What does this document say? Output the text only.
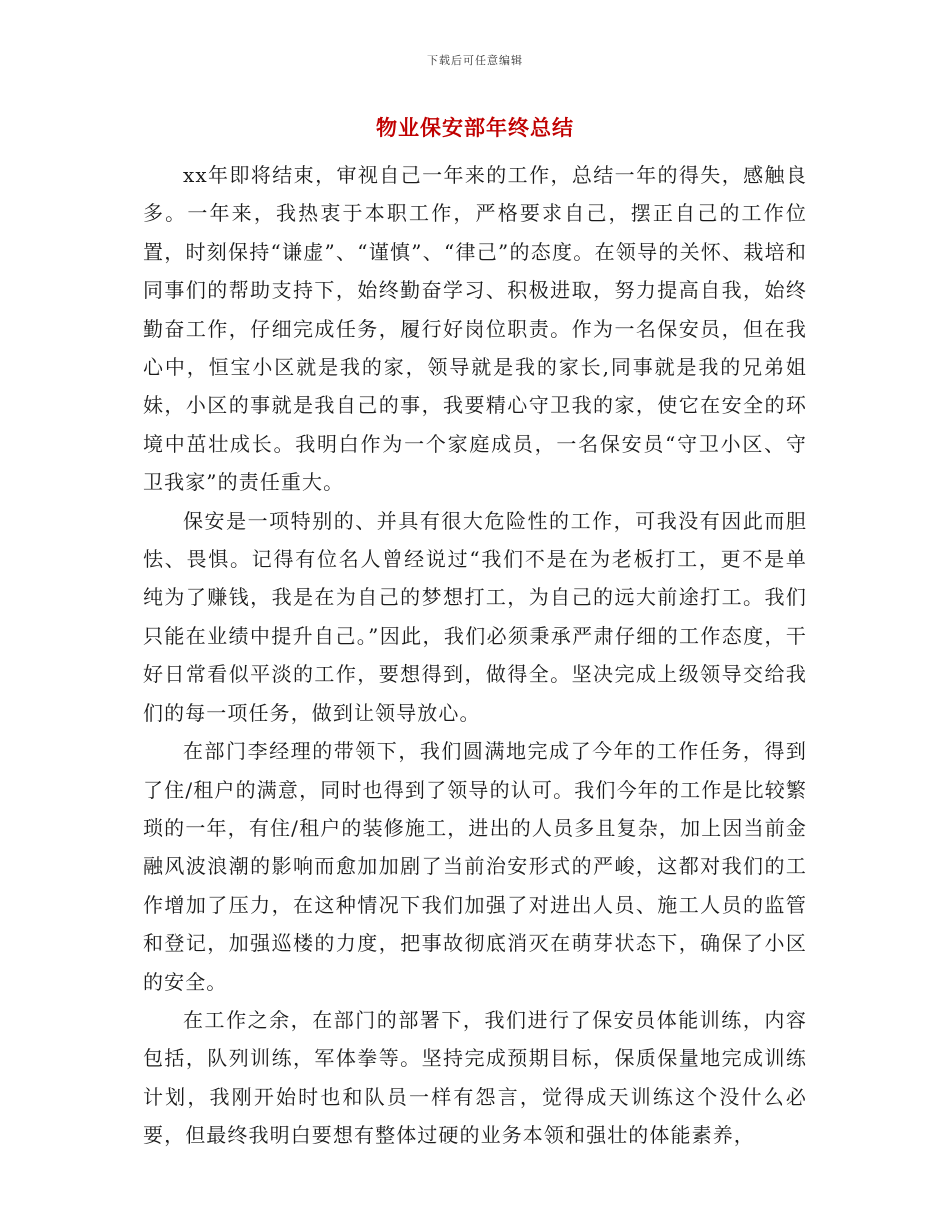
下载后可任意编辑
物业保安部年终总结

xx年即将结束，审视自己一年来的工作，总结一年的得失，感触良多。一年来，我热衷于本职工作，严格要求自己，摆正自己的工作位置，时刻保持“谦虚”、“谨慎”、“律己”的态度。在领导的关怀、栽培和同事们的帮助支持下，始终勤奋学习、积极进取，努力提高自我，始终勤奋工作，仔细完成任务，履行好岗位职责。作为一名保安员，但在我心中，恒宝小区就是我的家，领导就是我的家长,同事就是我的兄弟姐妹，小区的事就是我自己的事，我要精心守卫我的家，使它在安全的环境中茁壮成长。我明白作为一个家庭成员，一名保安员“守卫小区、守卫我家”的责任重大。

保安是一项特别的、并具有很大危险性的工作，可我没有因此而胆怯、畏惧。记得有位名人曾经说过“我们不是在为老板打工，更不是单纯为了赚钱，我是在为自己的梦想打工，为自己的远大前途打工。我们只能在业绩中提升自己。”因此，我们必须秉承严肃仔细的工作态度，干好日常看似平淡的工作，要想得到，做得全。坚决完成上级领导交给我们的每一项任务，做到让领导放心。

在部门李经理的带领下，我们圆满地完成了今年的工作任务，得到了住/租户的满意，同时也得到了领导的认可。我们今年的工作是比较繁琐的一年，有住/租户的装修施工，进出的人员多且复杂，加上因当前金融风波浪潮的影响而愈加加剧了当前治安形式的严峻，这都对我们的工作增加了压力，在这种情况下我们加强了对进出人员、施工人员的监管和登记，加强巡楼的力度，把事故彻底消灭在萌芽状态下，确保了小区的安全。

在工作之余，在部门的部署下，我们进行了保安员体能训练，内容包括，队列训练，军体拳等。坚持完成预期目标，保质保量地完成训练计划，我刚开始时也和队员一样有怨言，觉得成天训练这个没什么必要，但最终我明白要想有整体过硬的业务本领和强壮的体能素养，
